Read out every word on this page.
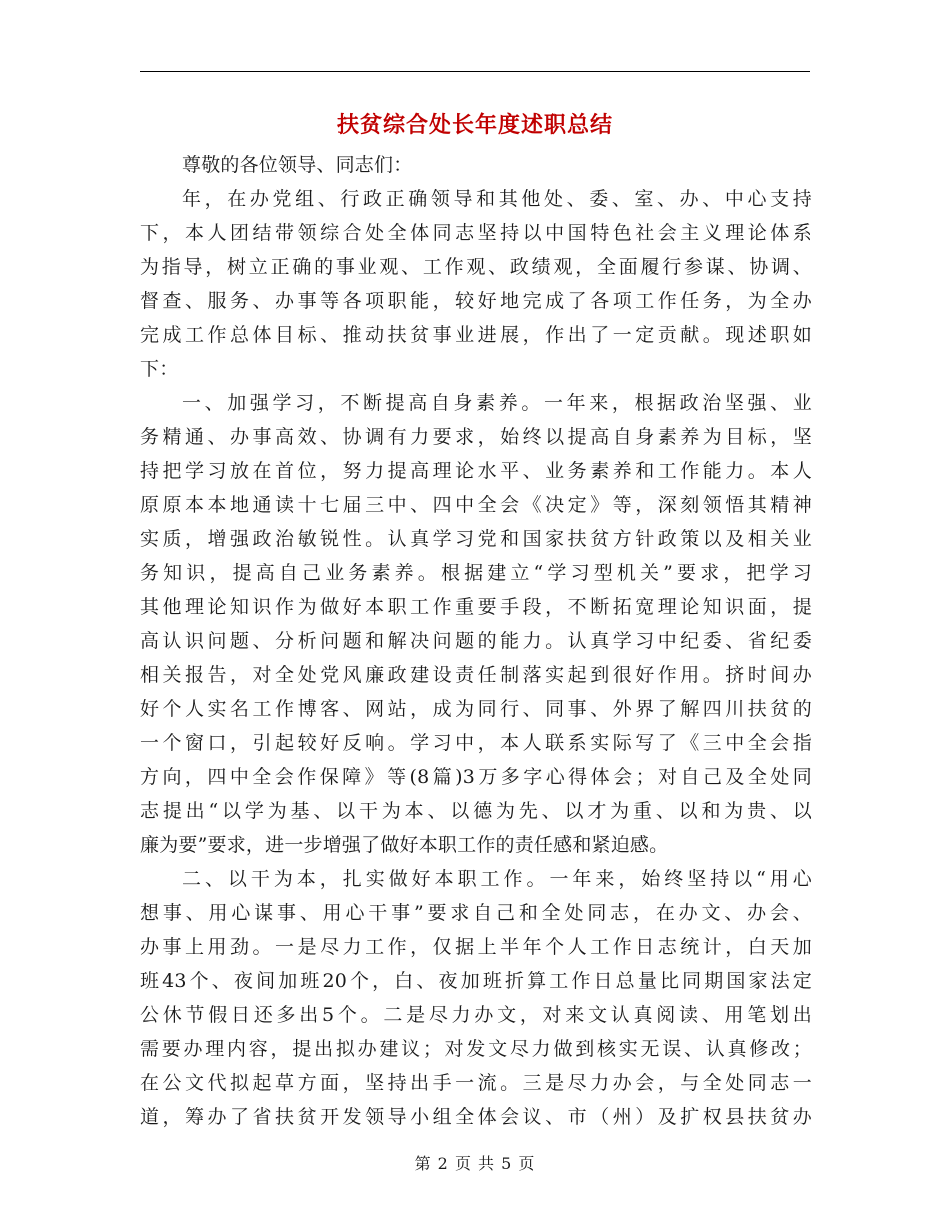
扶贫综合处长年度述职总结
尊敬的各位领导、同志们：
年，在办党组、行政正确领导和其他处、委、室、办、中心支持
下，本人团结带领综合处全体同志坚持以中国特色社会主义理论体系
为指导，树立正确的事业观、工作观、政绩观，全面履行参谋、协调、
督查、服务、办事等各项职能，较好地完成了各项工作任务，为全办
完成工作总体目标、推动扶贫事业进展，作出了一定贡献。现述职如
下：
一、加强学习，不断提高自身素养。一年来，根据政治坚强、业
务精通、办事高效、协调有力要求，始终以提高自身素养为目标，坚
持把学习放在首位，努力提高理论水平、业务素养和工作能力。本人
原原本本地通读十七届三中、四中全会《决定》等，深刻领悟其精神
实质，增强政治敏锐性。认真学习党和国家扶贫方针政策以及相关业
务知识，提高自己业务素养。根据建立“学习型机关”要求，把学习
其他理论知识作为做好本职工作重要手段，不断拓宽理论知识面，提
高认识问题、分析问题和解决问题的能力。认真学习中纪委、省纪委
相关报告，对全处党风廉政建设责任制落实起到很好作用。挤时间办
好个人实名工作博客、网站，成为同行、同事、外界了解四川扶贫的
一个窗口，引起较好反响。学习中，本人联系实际写了《三中全会指
方向，四中全会作保障》等(8篇)3万多字心得体会；对自己及全处同
志提出“以学为基、以干为本、以德为先、以才为重、以和为贵、以
廉为要”要求，进一步增强了做好本职工作的责任感和紧迫感。
二、以干为本，扎实做好本职工作。一年来，始终坚持以“用心
想事、用心谋事、用心干事”要求自己和全处同志，在办文、办会、
办事上用劲。一是尽力工作，仅据上半年个人工作日志统计，白天加
班43个、夜间加班20个，白、夜加班折算工作日总量比同期国家法定
公休节假日还多出5个。二是尽力办文，对来文认真阅读、用笔划出
需要办理内容，提出拟办建议；对发文尽力做到核实无误、认真修改；
在公文代拟起草方面，坚持出手一流。三是尽力办会，与全处同志一
道，筹办了省扶贫开发领导小组全体会议、市（州）及扩权县扶贫办
第 2 页 共 5 页
